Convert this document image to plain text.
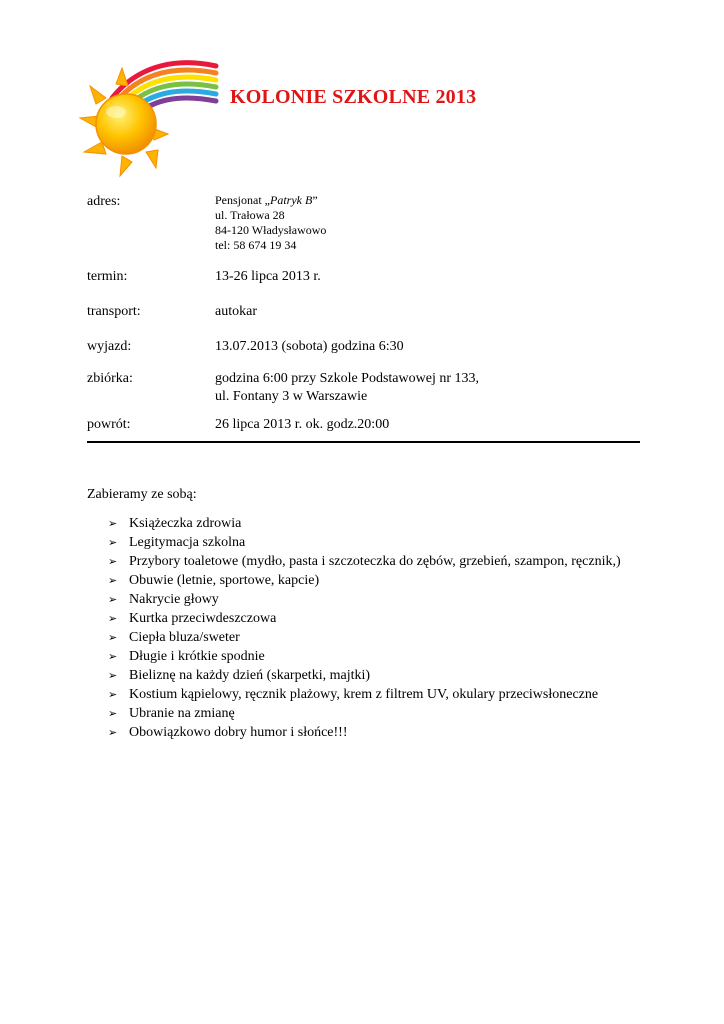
KOLONIE SZKOLNE 2013
adres:	Pensjonat „Patryk B”
ul. Trałowa 28
84-120 Władysławowo
tel: 58 674 19 34
termin:	13-26 lipca 2013 r.
transport:	autokar
wyjazd:	13.07.2013 (sobota) godzina 6:30
zbiórka:	godzina 6:00 przy Szkole Podstawowej nr 133,
ul. Fontany 3 w Warszawie
powrót:	26 lipca 2013 r. ok. godz.20:00
Zabieramy ze sobą:
➢ Książeczka zdrowia
➢ Legitymacja szkolna
➢ Przybory toaletowe (mydło, pasta i szczoteczka do zębów, grzebień, szampon, ręcznik,)
➢ Obuwie (letnie, sportowe, kapcie)
➢ Nakrycie głowy
➢ Kurtka przeciwdeszczowa
➢ Ciepła bluza/sweter
➢ Długie i krótkie spodnie
➢ Bieliznę na każdy dzień (skarpetki, majtki)
➢ Kostium kąpielowy, ręcznik plażowy, krem z filtrem UV, okulary przeciwsłoneczne
➢ Ubranie na zmianę
➢ Obowiązkowo dobry humor i słońce!!!
